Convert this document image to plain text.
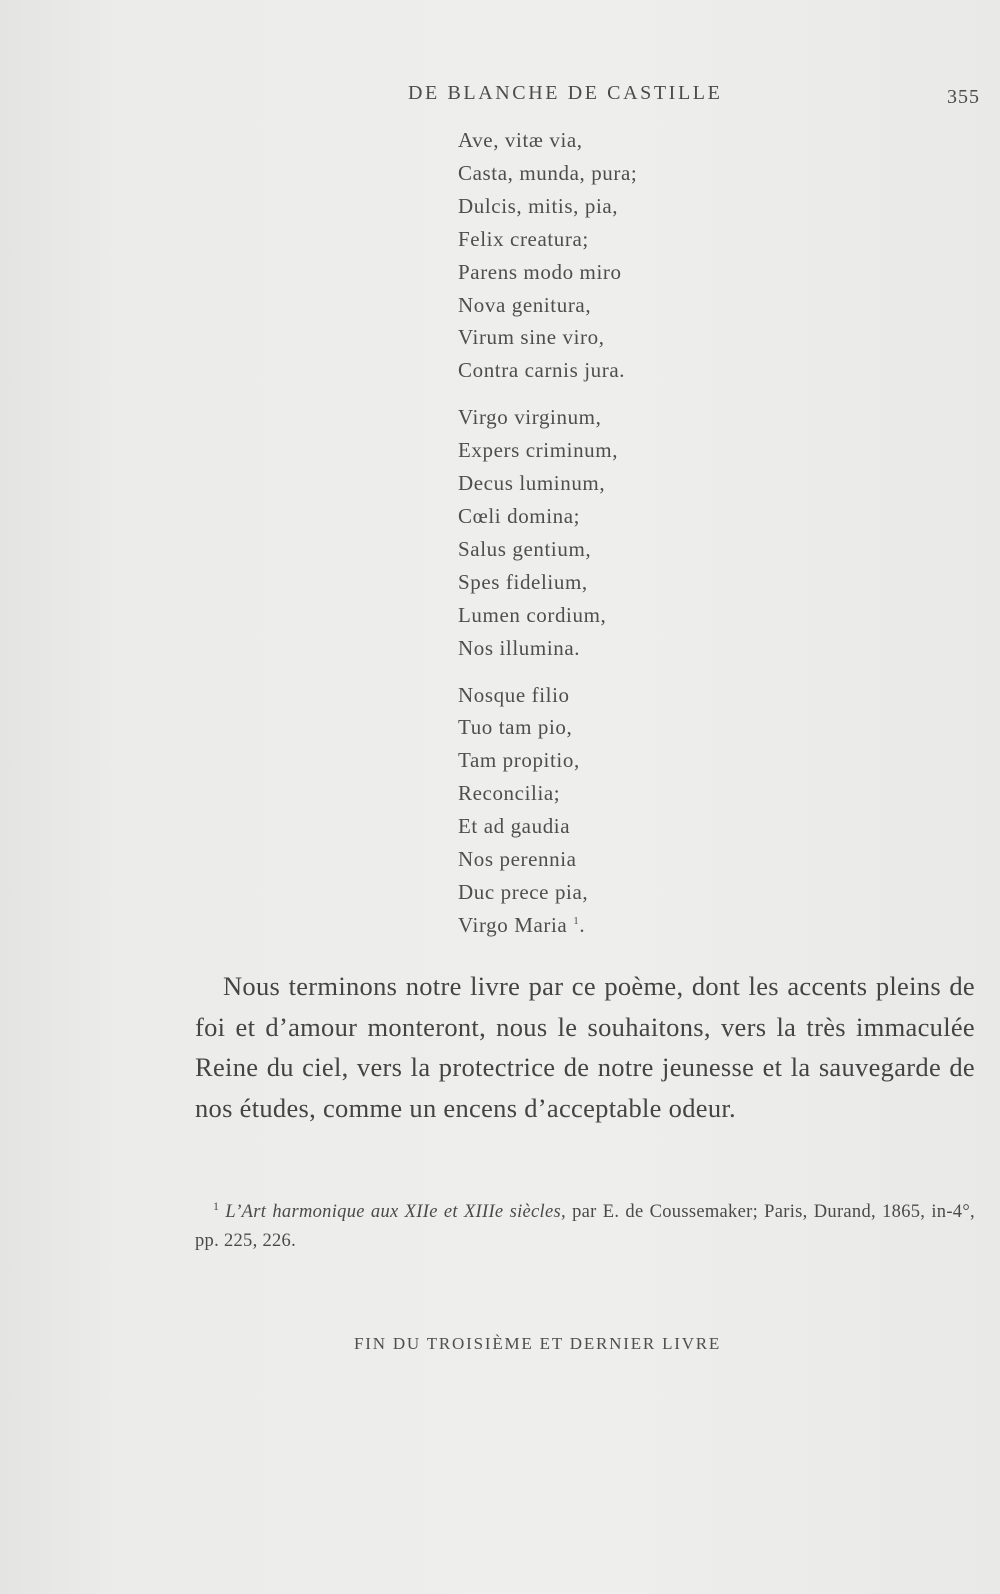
DE BLANCHE DE CASTILLE	355
Ave, vitæ via,
Casta, munda, pura;
Dulcis, mitis, pia,
Felix creatura;
Parens modo miro
Nova genitura,
Virum sine viro,
Contra carnis jura.
Virgo virginum,
Expers criminum,
Decus luminum,
Cœli domina;
Salus gentium,
Spes fidelium,
Lumen cordium,
Nos illumina.
Nosque filio
Tuo tam pio,
Tam propitio,
Reconcilia;
Et ad gaudia
Nos perennia
Duc prece pia,
Virgo Maria $^1$.

Nous terminons notre livre par ce poème, dont les accents pleins de foi et d’amour monteront, nous le souhaitons, vers la très immaculée Reine du ciel, vers la protectrice de notre jeunesse et la sauvegarde de nos études, comme un encens d’acceptable odeur.

$^1$ L’Art harmonique aux XIIe et XIIIe siècles, par E. de Coussemaker; Paris, Durand, 1865, in-4°, pp. 225, 226.

FIN DU TROISIÈME ET DERNIER LIVRE
